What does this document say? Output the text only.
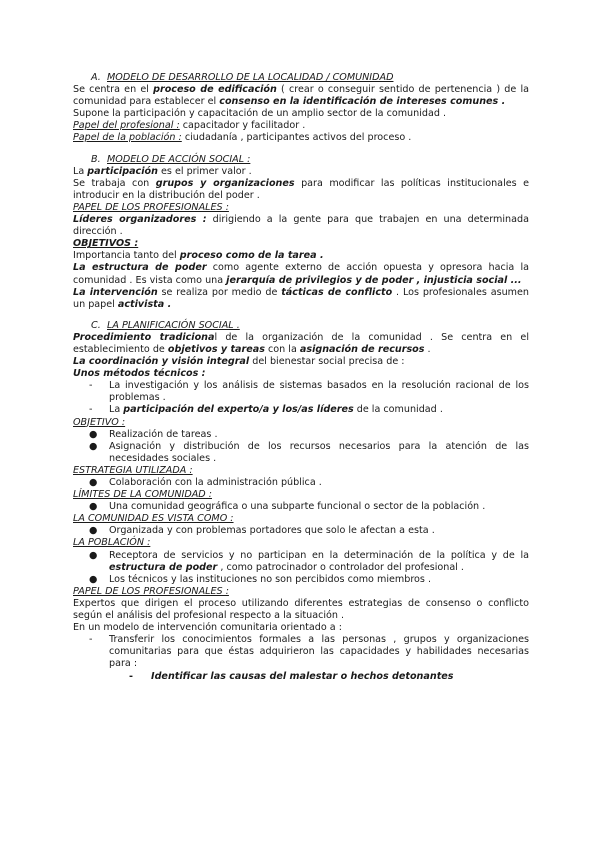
A. MODELO DE DESARROLLO DE LA LOCALIDAD / COMUNIDAD

Se centra en el proceso de edificación ( crear o conseguir sentido de pertenencia ) de la comunidad para establecer el consenso en la identificación de intereses comunes .

Supone la participación y capacitación de un amplio sector de la comunidad .

Papel del profesional : capacitador y facilitador .

Papel de la población : ciudadanía , participantes activos del proceso .

B. MODELO DE ACCIÓN SOCIAL :

La participación es el primer valor .

Se trabaja con grupos y organizaciones para modificar las políticas institucionales e introducir en la distribución del poder .

PAPEL DE LOS PROFESIONALES :

Líderes organizadores : dirigiendo a la gente para que trabajen en una determinada dirección .

OBJETIVOS :

Importancia tanto del proceso como de la tarea .

La estructura de poder como agente externo de acción opuesta y opresora hacia la comunidad . Es vista como una jerarquía de privilegios y de poder , injusticia social ...

La intervención se realiza por medio de tácticas de conflicto . Los profesionales asumen un papel activista .

C. LA PLANIFICACIÓN SOCIAL .

Procedimiento tradicional de la organización de la comunidad . Se centra en el establecimiento de objetivos y tareas con la asignación de recursos .

La coordinación y visión integral del bienestar social precisa de :

Unos métodos técnicos :

- La investigación y los análisis de sistemas basados en la resolución racional de los problemas .
- La participación del experto/a y los/as líderes de la comunidad .

OBJETIVO :

● Realización de tareas .
● Asignación y distribución de los recursos necesarios para la atención de las necesidades sociales .

ESTRATEGIA UTILIZADA :

● Colaboración con la administración pública .

LÍMITES DE LA COMUNIDAD :

● Una comunidad geográfica o una subparte funcional o sector de la población .

LA COMUNIDAD ES VISTA COMO :

● Organizada y con problemas portadores que solo le afectan a esta .

LA POBLACIÓN :

● Receptora de servicios y no participan en la determinación de la política y de la estructura de poder , como patrocinador o controlador del profesional .
● Los técnicos y las instituciones no son percibidos como miembros .

PAPEL DE LOS PROFESIONALES :

Expertos que dirigen el proceso utilizando diferentes estrategias de consenso o conflicto según el análisis del profesional respecto a la situación .

En un modelo de intervención comunitaria orientado a :

- Transferir los conocimientos formales a las personas , grupos y organizaciones comunitarias para que éstas adquirieron las capacidades y habilidades necesarias para :
- Identificar las causas del malestar o hechos detonantes
